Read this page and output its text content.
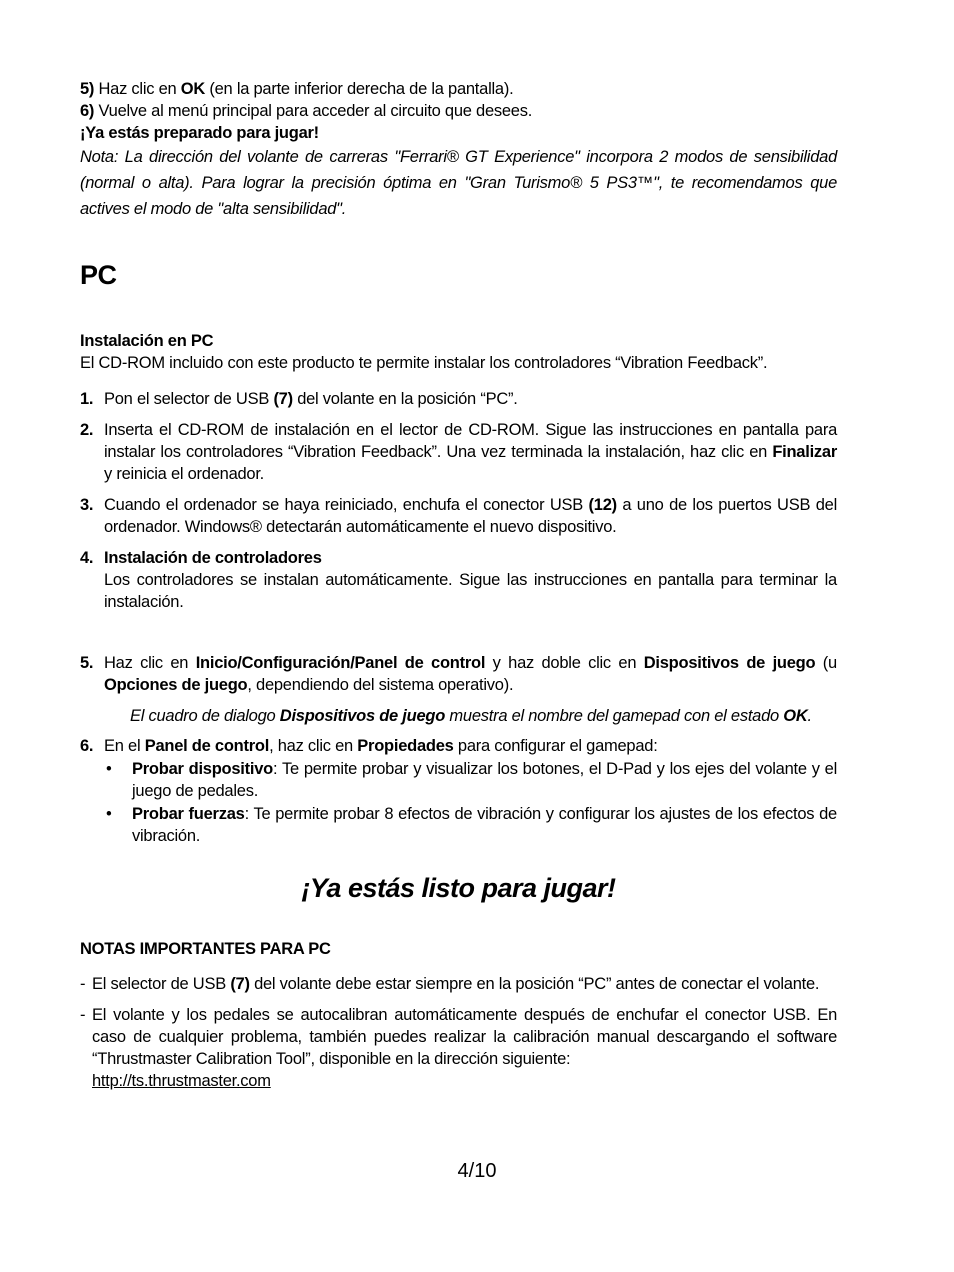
5) Haz clic en OK (en la parte inferior derecha de la pantalla).

6) Vuelve al menú principal para acceder al circuito que desees.

¡Ya estás preparado para jugar!

Nota: La dirección del volante de carreras "Ferrari® GT Experience" incorpora 2 modos de sensibilidad (normal o alta). Para lograr la precisión óptima en "Gran Turismo® 5 PS3™", te recomendamos que actives el modo de "alta sensibilidad".

PC
Instalación en PC

El CD-ROM incluido con este producto te permite instalar los controladores “Vibration Feedback”.

1. Pon el selector de USB (7) del volante en la posición “PC”.
2. Inserta el CD-ROM de instalación en el lector de CD-ROM. Sigue las instrucciones en pantalla para instalar los controladores “Vibration Feedback”. Una vez terminada la instalación, haz clic en Finalizar y reinicia el ordenador.
3. Cuando el ordenador se haya reiniciado, enchufa el conector USB (12) a uno de los puertos USB del ordenador. Windows® detectarán automáticamente el nuevo dispositivo.
4. Instalación de controladores
Los controladores se instalan automáticamente. Sigue las instrucciones en pantalla para terminar la instalación.
5. Haz clic en Inicio/Configuración/Panel de control y haz doble clic en Dispositivos de juego (u Opciones de juego, dependiendo del sistema operativo).

El cuadro de dialogo Dispositivos de juego muestra el nombre del gamepad con el estado OK.

6. En el Panel de control, haz clic en Propiedades para configurar el gamepad:
•	Probar dispositivo: Te permite probar y visualizar los botones, el D-Pad y los ejes del volante y el juego de pedales.
•	Probar fuerzas: Te permite probar 8 efectos de vibración y configurar los ajustes de los efectos de vibración.
¡Ya estás listo para jugar!
NOTAS IMPORTANTES PARA PC
- El selector de USB (7) del volante debe estar siempre en la posición “PC” antes de conectar el volante.
- El volante y los pedales se autocalibran automáticamente después de enchufar el conector USB. En caso de cualquier problema, también puedes realizar la calibración manual descargando el software “Thrustmaster Calibration Tool”, disponible en la dirección siguiente:
http://ts.thrustmaster.com
4/10
